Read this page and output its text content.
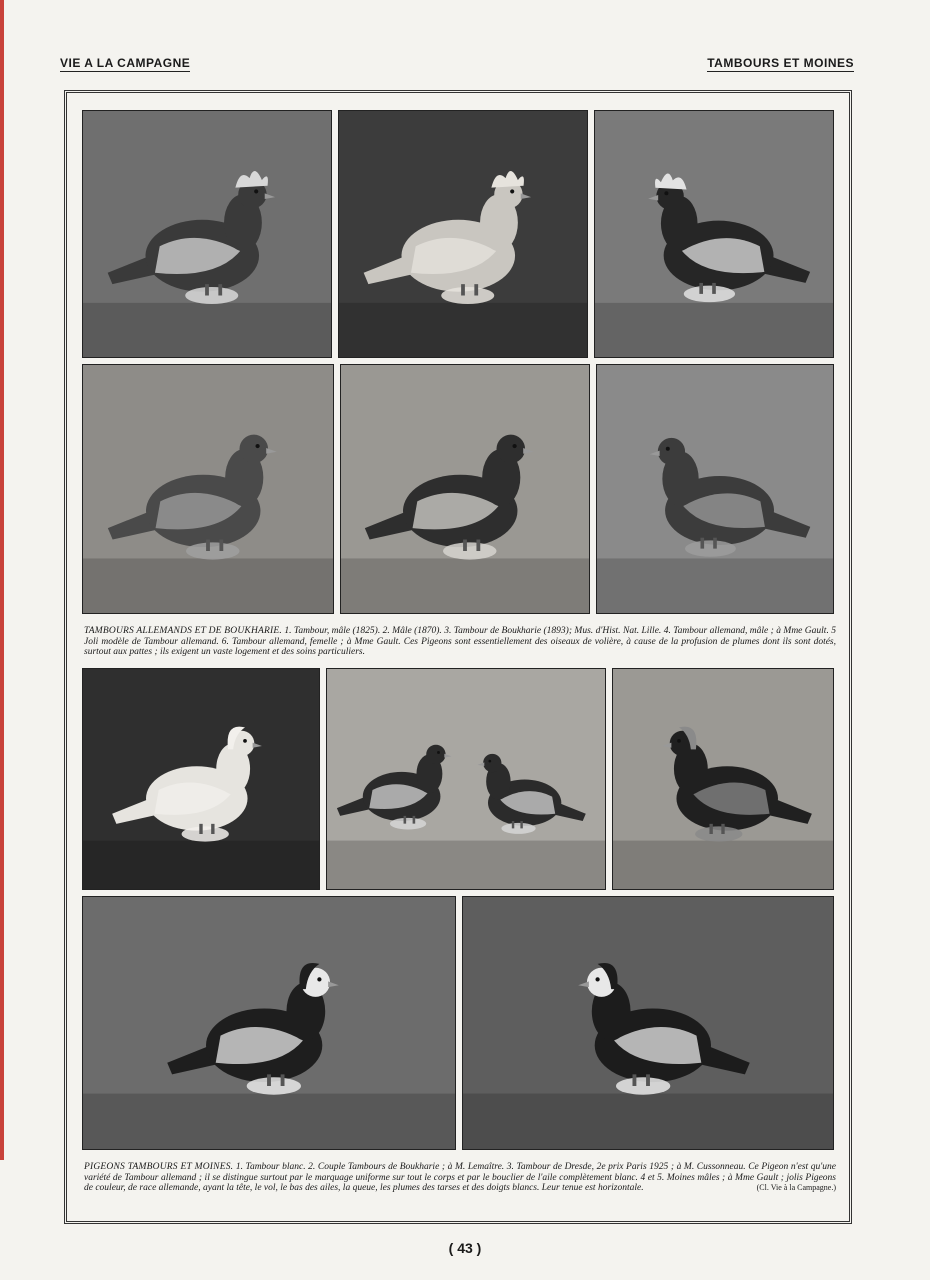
VIE A LA CAMPAGNE	TAMBOURS ET MOINES
TAMBOURS ALLEMANDS ET DE BOUKHARIE. 1. Tambour, mâle (1825). 2. Mâle (1870). 3. Tambour de Boukharie (1893); Mus. d'Hist. Nat. Lille. 4. Tambour allemand, mâle ; à Mme Gault. 5 Joli modèle de Tambour allemand. 6. Tambour allemand, femelle ; à Mme Gault. Ces Pigeons sont essentiellement des oiseaux de volière, à cause de la profusion de plumes dont ils sont dotés, surtout aux pattes ; ils exigent un vaste logement et des soins particuliers.
PIGEONS TAMBOURS ET MOINES. 1. Tambour blanc. 2. Couple Tambours de Boukharie ; à M. Lemaître. 3. Tambour de Dresde, 2e prix Paris 1925 ; à M. Cussonneau. Ce Pigeon n'est qu'une variété de Tambour allemand ; il se distingue surtout par le marquage uniforme sur tout le corps et par le bouclier de l'aile complètement blanc. 4 et 5. Moines mâles ; à Mme Gault ; jolis Pigeons de couleur, de race allemande, ayant la tête, le vol, le bas des ailes, la queue, les plumes des tarses et des doigts blancs. Leur tenue est horizontale.	(Cl. Vie à la Campagne.)
( 43 )
